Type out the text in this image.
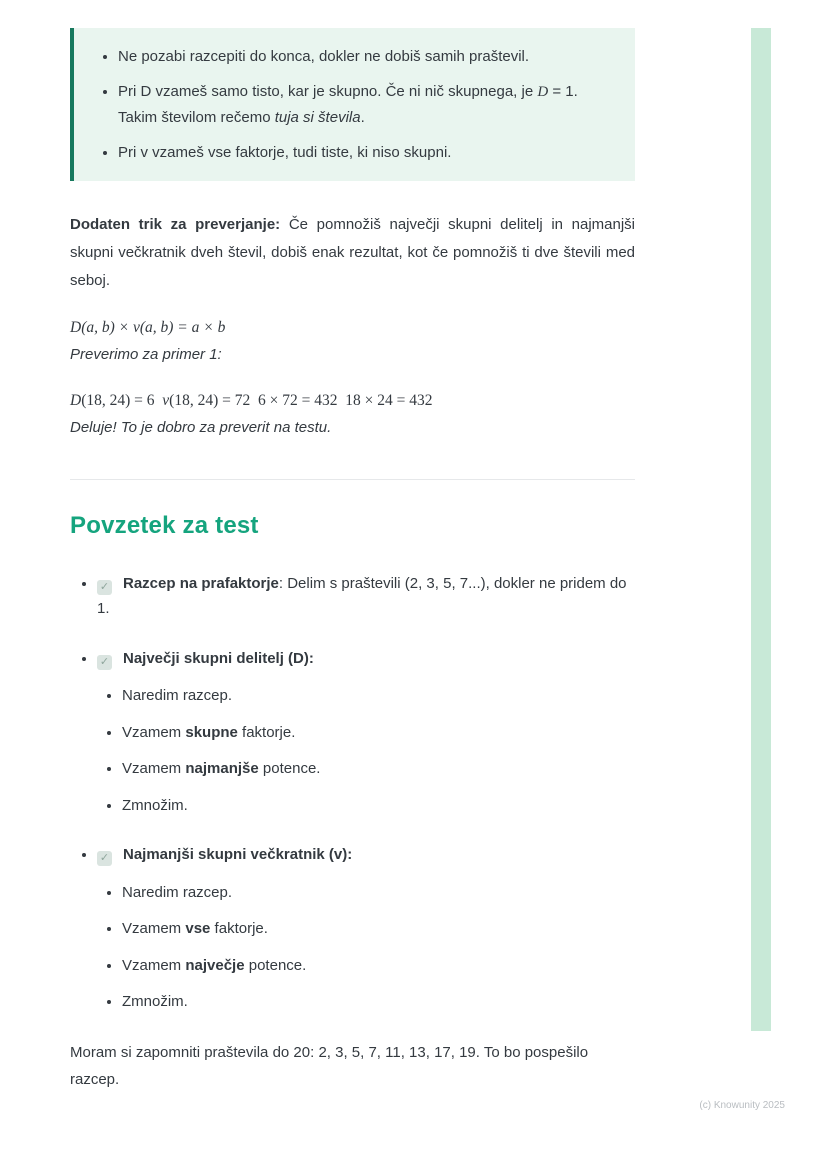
• Ne pozabi razcepiti do konca, dokler ne dobiš samih praštevil.
• Pri D vzameš samo tisto, kar je skupno. Če ni nič skupnega, je D = 1. Takim številom rečemo tuja si števila.
• Pri v vzameš vse faktorje, tudi tiste, ki niso skupni.

Dodaten trik za preverjanje: Če pomnožiš največji skupni delitelj in najmanjši skupni večkratnik dveh števil, dobiš enak rezultat, kot če pomnožiš ti dve števili med seboj.

D(a, b) × v(a, b) = a × b
Preverimo za primer 1:
D(18, 24) = 6  v(18, 24) = 72  6 × 72 = 432  18 × 24 = 432
Deluje! To je dobro za preverit na testu.
Povzetek za test
• ✓ Razcep na prafaktorje: Delim s praštevili (2, 3, 5, 7...), dokler ne pridem do 1.
• ✓ Največji skupni delitelj (D):
• Naredim razcep.
• Vzamem skupne faktorje.
• Vzamem najmanjše potence.
• Zmnožim.
• ✓ Najmanjši skupni večkratnik (v):
• Naredim razcep.
• Vzamem vse faktorje.
• Vzamem največje potence.
• Zmnožim.

Moram si zapomniti praštevila do 20: 2, 3, 5, 7, 11, 13, 17, 19. To bo pospešilo razcep.

(c) Knowunity 2025
